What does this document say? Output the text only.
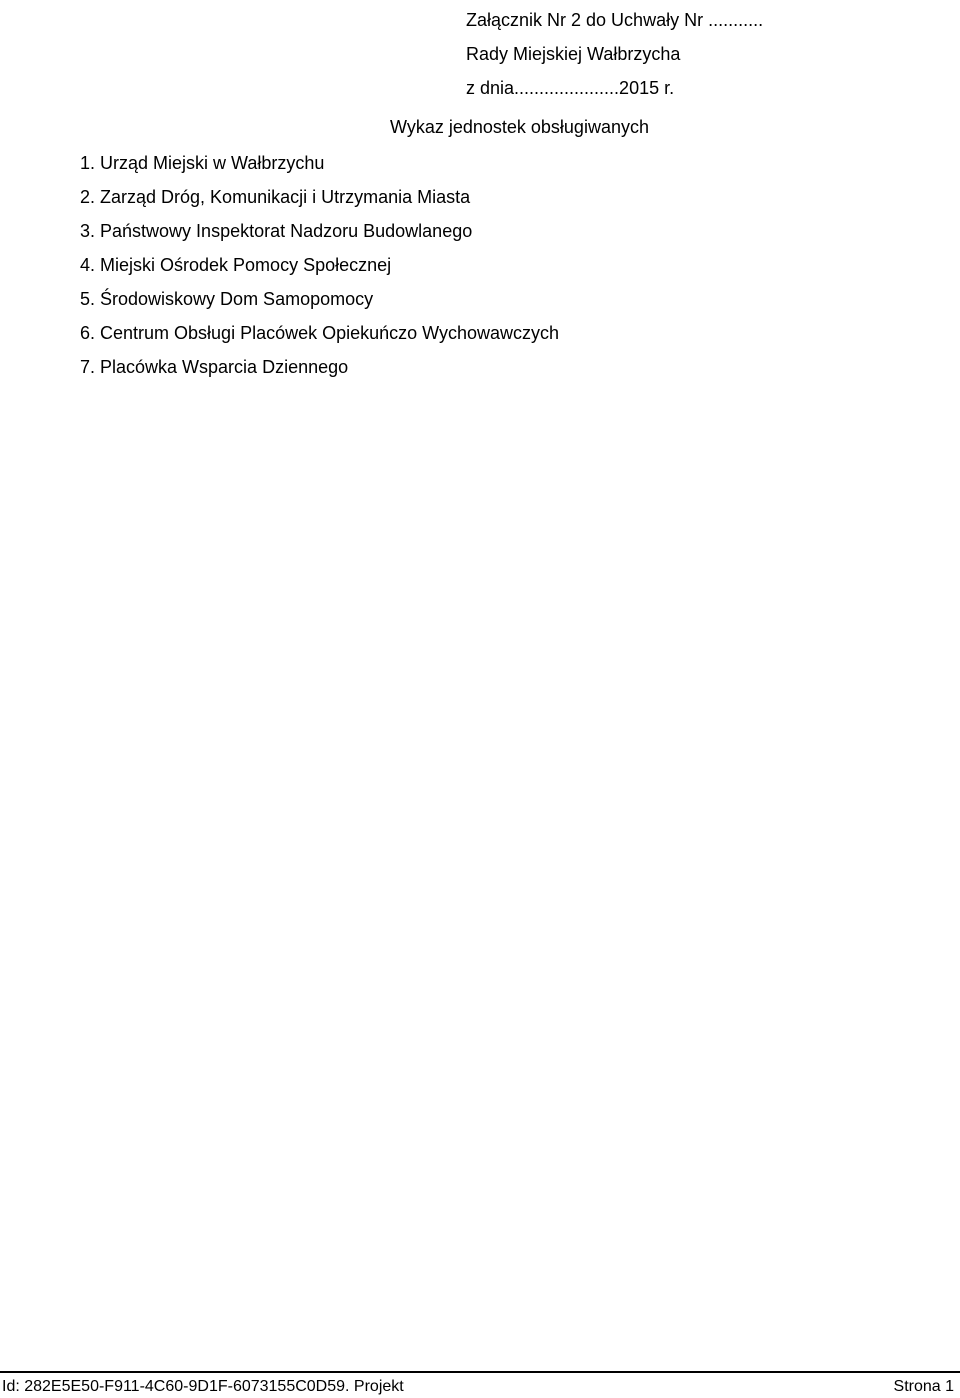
Załącznik Nr 2 do Uchwały Nr ...........
Rady Miejskiej Wałbrzycha
z dnia.....................2015 r.
Wykaz jednostek obsługiwanych
1. Urząd Miejski w Wałbrzychu
2. Zarząd Dróg, Komunikacji i Utrzymania Miasta
3. Państwowy Inspektorat Nadzoru Budowlanego
4. Miejski Ośrodek Pomocy Społecznej
5. Środowiskowy Dom Samopomocy
6. Centrum Obsługi Placówek Opiekuńczo Wychowawczych
7. Placówka Wsparcia Dziennego
Id: 282E5E50-F911-4C60-9D1F-6073155C0D59. Projekt	Strona 1
